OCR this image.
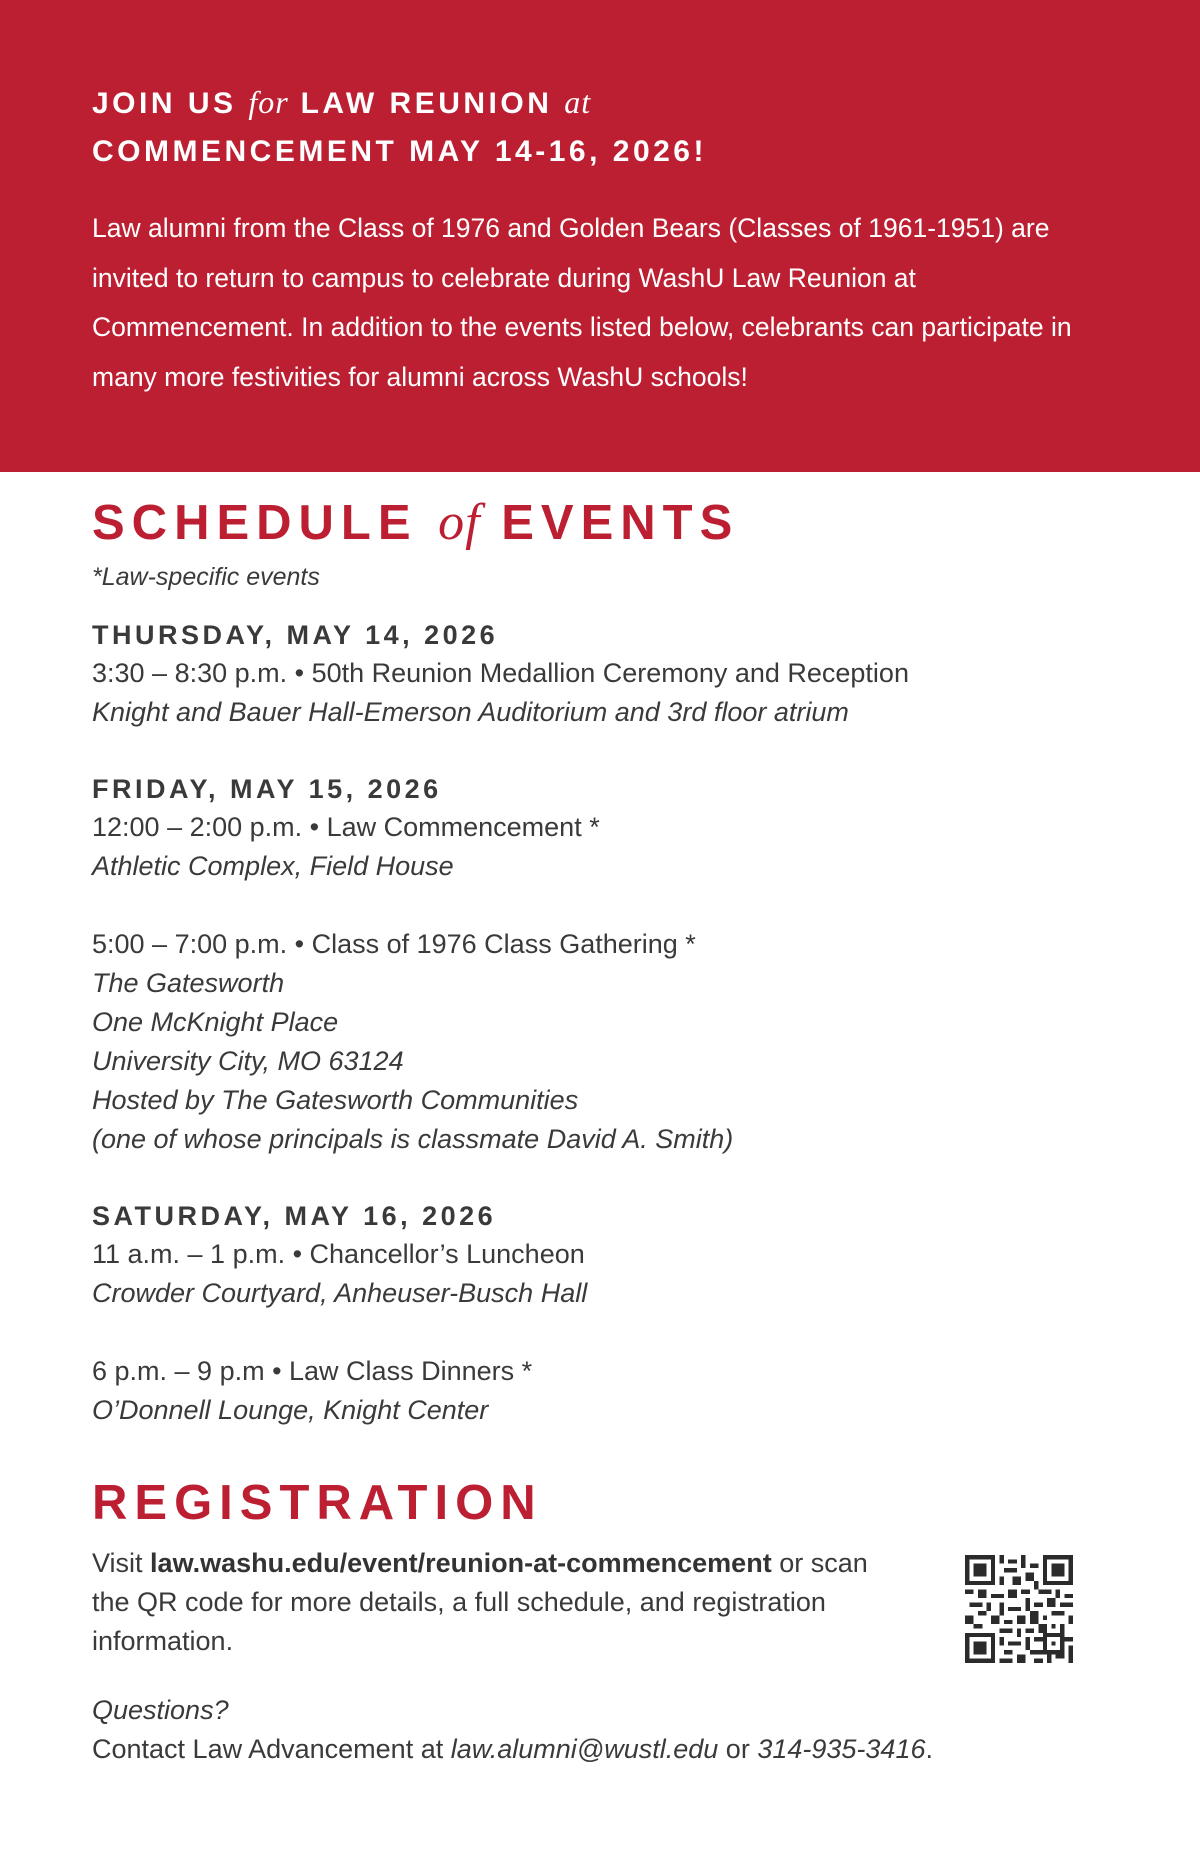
JOIN US for LAW REUNION at
COMMENCEMENT MAY 14-16, 2026!
Law alumni from the Class of 1976 and Golden Bears (Classes of 1961-1951) are invited to return to campus to celebrate during WashU Law Reunion at Commencement. In addition to the events listed below, celebrants can participate in many more festivities for alumni across WashU schools!
SCHEDULE of EVENTS
*Law-specific events
THURSDAY, MAY 14, 2026
3:30 – 8:30 p.m. • 50th Reunion Medallion Ceremony and Reception
Knight and Bauer Hall-Emerson Auditorium and 3rd floor atrium
FRIDAY, MAY 15, 2026
12:00 – 2:00 p.m. • Law Commencement *
Athletic Complex, Field House
5:00 – 7:00 p.m. • Class of 1976 Class Gathering *
The Gatesworth
One McKnight Place
University City, MO 63124
Hosted by The Gatesworth Communities
(one of whose principals is classmate David A. Smith)
SATURDAY, MAY 16, 2026
11 a.m. – 1 p.m. • Chancellor’s Luncheon
Crowder Courtyard, Anheuser-Busch Hall
6 p.m. – 9 p.m • Law Class Dinners *
O’Donnell Lounge, Knight Center
REGISTRATION
Visit law.washu.edu/event/reunion-at-commencement or scan the QR code for more details, a full schedule, and registration information.
Questions?
Contact Law Advancement at law.alumni@wustl.edu or 314-935-3416.
